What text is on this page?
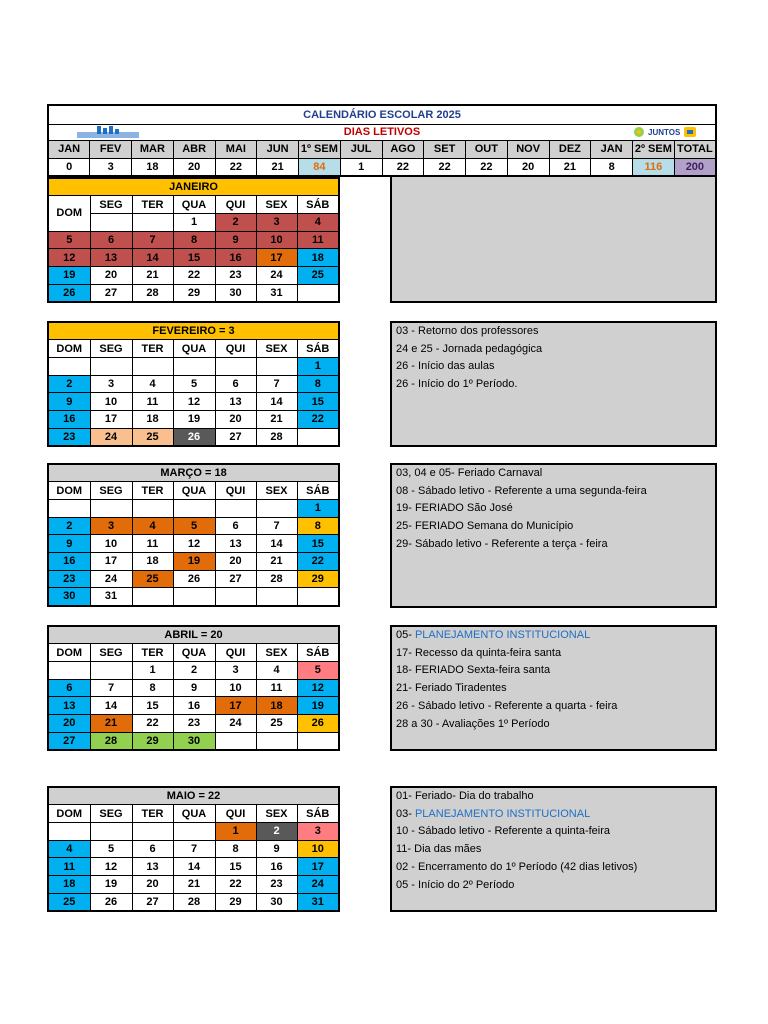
CALENDÁRIO ESCOLAR 2025															

DIAS LETIVOS JUNTOS															

JAN	FEV	MAR	ABR	MAI	JUN	1º SEM	JUL	AGO	SET	OUT	NOV	DEZ	JAN	2º SEM	TOTAL
0	3	18	20	22	21	84	1	22	22	22	20	21	8	116	200
JANEIRO						
DOM	SEG	TER	QUA	QUI	SEX	SÁB
			1	2	3	4
5	6	7	8	9	10	11
12	13	14	15	16	17	18
19	20	21	22	23	24	25
26	27	28	29	30	31	
FEVEREIRO = 3						
DOM	SEG	TER	QUA	QUI	SEX	SÁB
						1
2	3	4	5	6	7	8
9	10	11	12	13	14	15
16	17	18	19	20	21	22
23	24	25	26	27	28	
03 - Retorno dos professores
24 e 25 - Jornada pedagógica
26 - Início das aulas
26 - Início do 1º Período.
MARÇO = 18						
DOM	SEG	TER	QUA	QUI	SEX	SÁB
						1
2	3	4	5	6	7	8
9	10	11	12	13	14	15
16	17	18	19	20	21	22
23	24	25	26	27	28	29
30	31					
03, 04 e 05- Feriado Carnaval
08 - Sábado letivo - Referente a uma segunda-feira
19- FERIADO São José
25- FERIADO Semana do Município
29- Sábado letivo - Referente a terça - feira
ABRIL = 20						
DOM	SEG	TER	QUA	QUI	SEX	SÁB
		1	2	3	4	5
6	7	8	9	10	11	12
13	14	15	16	17	18	19
20	21	22	23	24	25	26
27	28	29	30			
05- PLANEJAMENTO INSTITUCIONAL
17- Recesso da quinta-feira santa
18- FERIADO Sexta-feira santa
21- Feriado Tiradentes
26 - Sábado letivo - Referente a quarta - feira
28 a 30 - Avaliações 1º Período
MAIO = 22						
DOM	SEG	TER	QUA	QUI	SEX	SÁB
				1	2	3
4	5	6	7	8	9	10
11	12	13	14	15	16	17
18	19	20	21	22	23	24
25	26	27	28	29	30	31
01- Feriado- Dia do trabalho
03- PLANEJAMENTO INSTITUCIONAL
10 - Sábado letivo - Referente a quinta-feira
11- Dia das mães
02 - Encerramento do 1º Período (42 dias letivos)
05 - Início do 2º Período
